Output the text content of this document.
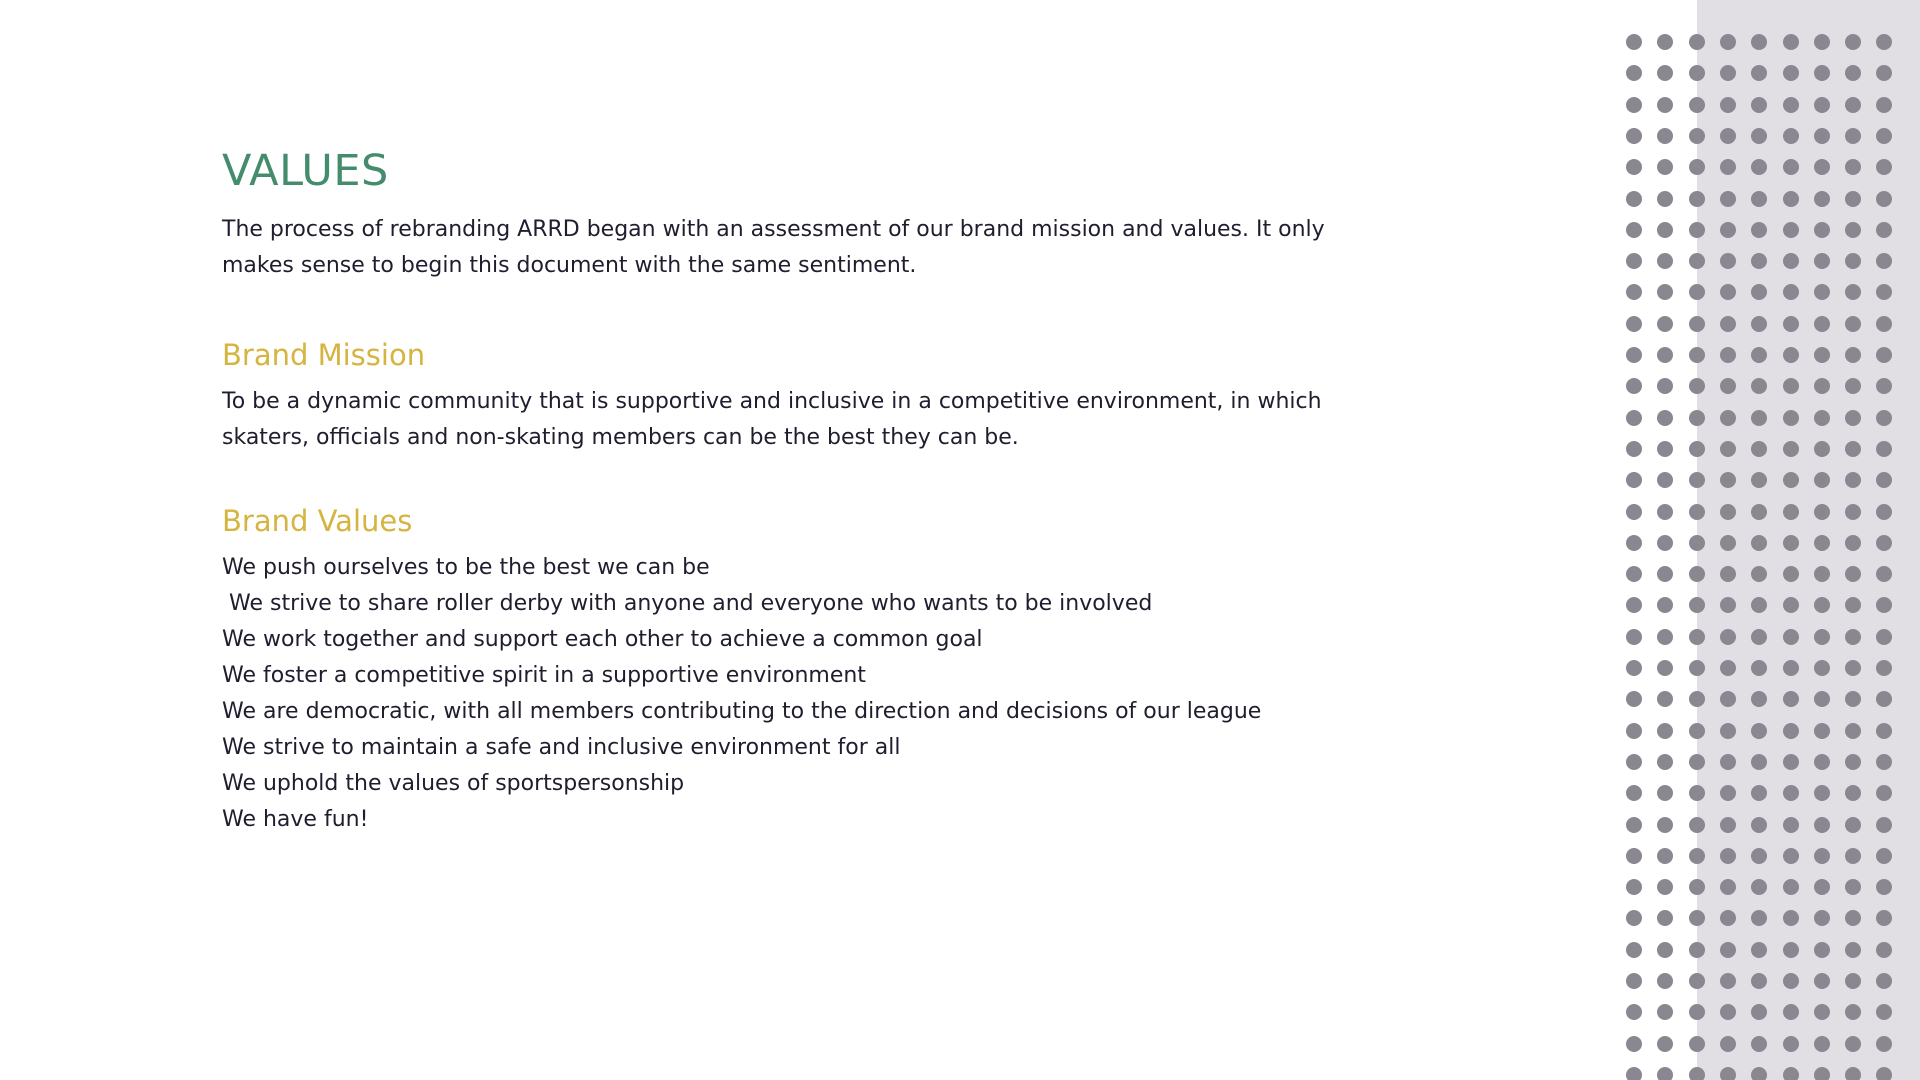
VALUES

The process of rebranding ARRD began with an assessment of our brand mission and values. It only makes sense to begin this document with the same sentiment.

Brand Mission

To be a dynamic community that is supportive and inclusive in a competitive environment, in which skaters, officials and non-skating members can be the best they can be.

Brand Values
We push ourselves to be the best we can be
We strive to share roller derby with anyone and everyone who wants to be involved
We work together and support each other to achieve a common goal
We foster a competitive spirit in a supportive environment
We are democratic, with all members contributing to the direction and decisions of our league
We strive to maintain a safe and inclusive environment for all
We uphold the values of sportspersonship
We have fun!
